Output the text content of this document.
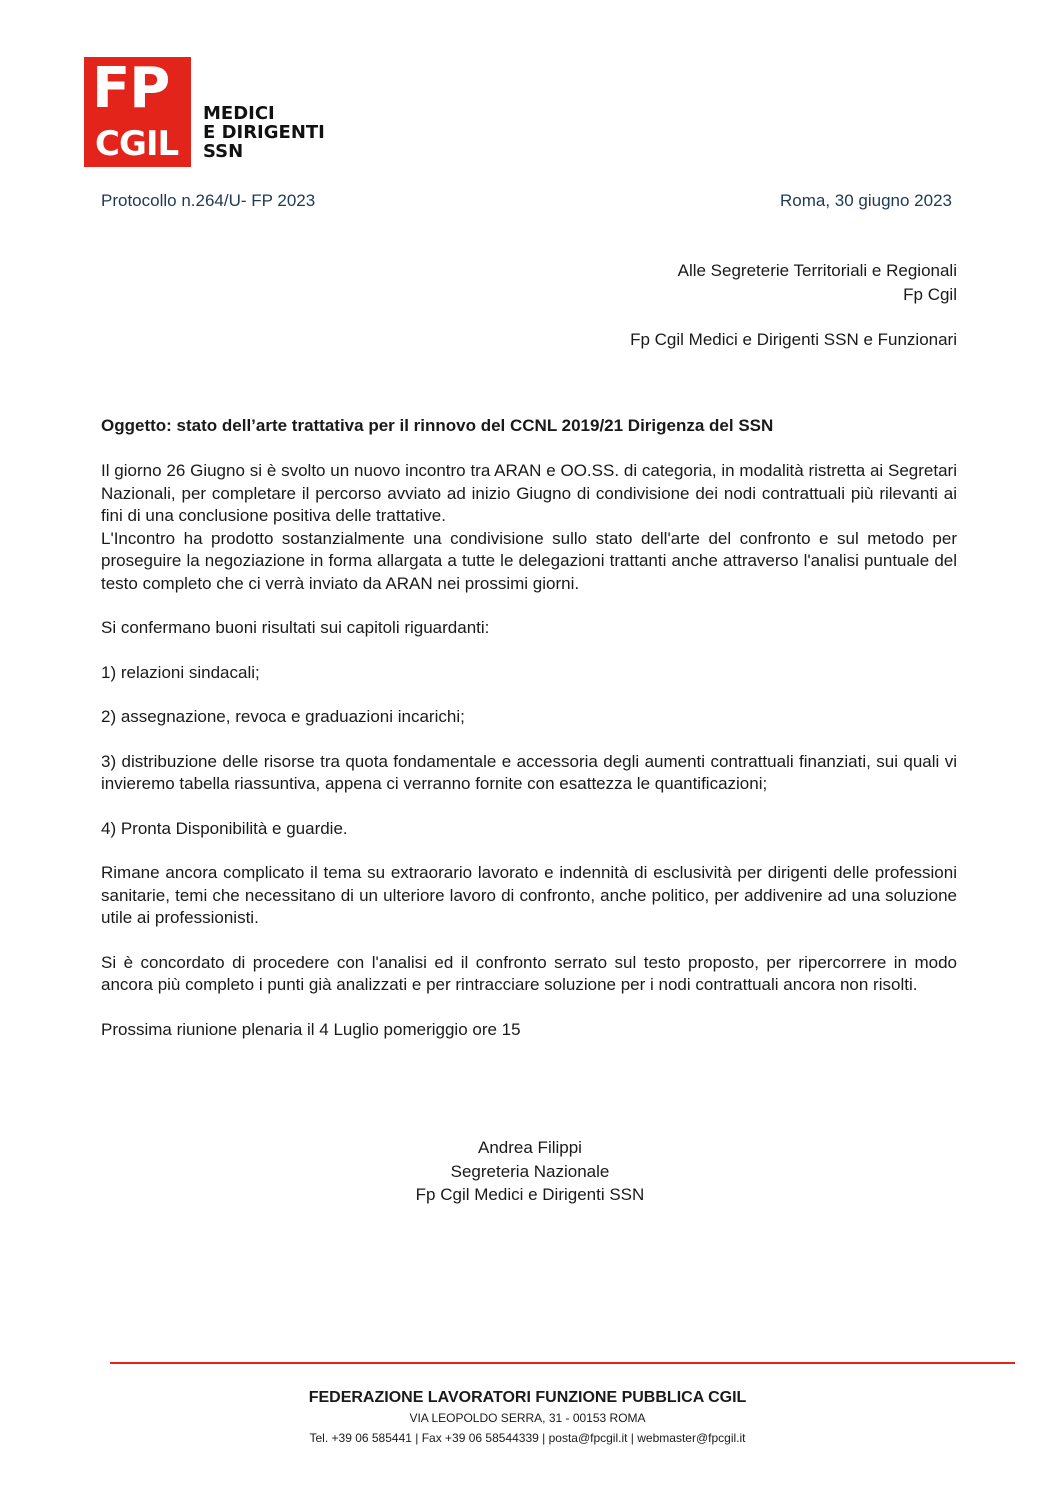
FP
CGIL
MEDICI
E DIRIGENTI
SSN
Protocollo n.264/U- FP 2023	Roma, 30 giugno 2023
Alle Segreterie Territoriali e Regionali
Fp Cgil
Fp Cgil Medici e Dirigenti SSN e Funzionari
Oggetto: stato dell’arte trattativa per il rinnovo del CCNL 2019/21 Dirigenza del SSN

Il giorno 26 Giugno si è svolto un nuovo incontro tra ARAN e OO.SS. di categoria, in modalità ristretta ai Segretari Nazionali, per completare il percorso avviato ad inizio Giugno di condivisione dei nodi contrattuali più rilevanti ai fini di una conclusione positiva delle trattative.

L'Incontro ha prodotto sostanzialmente una condivisione sullo stato dell'arte del confronto e sul metodo per proseguire la negoziazione in forma allargata a tutte le delegazioni trattanti anche attraverso l'analisi puntuale del testo completo che ci verrà inviato da ARAN nei prossimi giorni.

Si confermano buoni risultati sui capitoli riguardanti:

1) relazioni sindacali;

2) assegnazione, revoca e graduazioni incarichi;

3) distribuzione delle risorse tra quota fondamentale e accessoria degli aumenti contrattuali finanziati, sui quali vi invieremo tabella riassuntiva, appena ci verranno fornite con esattezza le quantificazioni;

4) Pronta Disponibilità e guardie.

Rimane ancora complicato il tema su extraorario lavorato e indennità di esclusività per dirigenti delle professioni sanitarie, temi che necessitano di un ulteriore lavoro di confronto, anche politico, per addivenire ad una soluzione utile ai professionisti.

Si è concordato di procedere con l'analisi ed il confronto serrato sul testo proposto, per ripercorrere in modo ancora più completo i punti già analizzati e per rintracciare soluzione per i nodi contrattuali ancora non risolti.

Prossima riunione plenaria il 4 Luglio pomeriggio ore 15

Andrea Filippi
Segreteria Nazionale
Fp Cgil Medici e Dirigenti SSN
FEDERAZIONE LAVORATORI FUNZIONE PUBBLICA CGIL
VIA LEOPOLDO SERRA, 31 - 00153 ROMA
Tel. +39 06 585441 | Fax +39 06 58544339 | posta@fpcgil.it | webmaster@fpcgil.it
